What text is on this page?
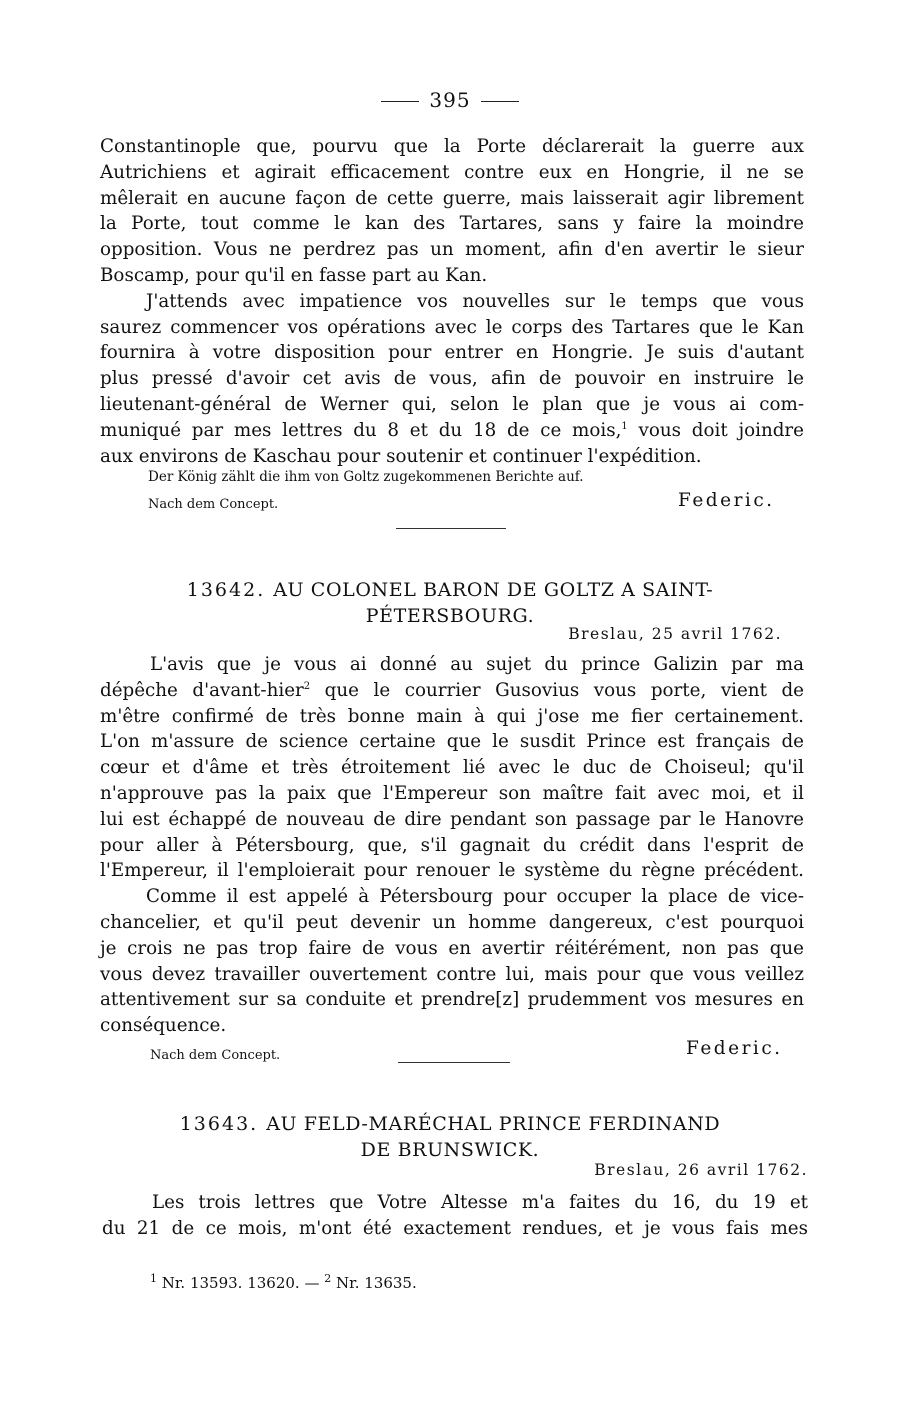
395
Constantinople que, pourvu que la Porte déclarerait la guerre aux
Autrichiens et agirait efficacement contre eux en Hongrie, il ne se
mêlerait en aucune façon de cette guerre, mais laisserait agir librement
la Porte, tout comme le kan des Tartares, sans y faire la moindre
opposition. Vous ne perdrez pas un moment, afin d'en avertir le sieur
Boscamp, pour qu'il en fasse part au Kan.
J'attends avec impatience vos nouvelles sur le temps que vous
saurez commencer vos opérations avec le corps des Tartares que le Kan
fournira à votre disposition pour entrer en Hongrie. Je suis d'autant
plus pressé d'avoir cet avis de vous, afin de pouvoir en instruire le
lieutenant-général de Werner qui, selon le plan que je vous ai com-
muniqué par mes lettres du 8 et du 18 de ce mois,$^1$ vous doit joindre
aux environs de Kaschau pour soutenir et continuer l'expédition.
Der König zählt die ihm von Goltz zugekommenen Berichte auf.
Nach dem Concept.	Federic.
13642. AU COLONEL BARON DE GOLTZ A SAINT-
PÉTERSBOURG.
Breslau, 25 avril 1762.
L'avis que je vous ai donné au sujet du prince Galizin par ma
dépêche d'avant-hier$^2$ que le courrier Gusovius vous porte, vient de
m'être confirmé de très bonne main à qui j'ose me fier certainement.
L'on m'assure de science certaine que le susdit Prince est français de
cœur et d'âme et très étroitement lié avec le duc de Choiseul; qu'il
n'approuve pas la paix que l'Empereur son maître fait avec moi, et il
lui est échappé de nouveau de dire pendant son passage par le Hanovre
pour aller à Pétersbourg, que, s'il gagnait du crédit dans l'esprit de
l'Empereur, il l'emploierait pour renouer le système du règne précédent.
Comme il est appelé à Pétersbourg pour occuper la place de vice-
chancelier, et qu'il peut devenir un homme dangereux, c'est pourquoi
je crois ne pas trop faire de vous en avertir réitérément, non pas que
vous devez travailler ouvertement contre lui, mais pour que vous veillez
attentivement sur sa conduite et prendre[z] prudemment vos mesures en
conséquence.
Nach dem Concept.	Federic.
13643. AU FELD-MARÉCHAL PRINCE FERDINAND
DE BRUNSWICK.
Breslau, 26 avril 1762.
Les trois lettres que Votre Altesse m'a faites du 16, du 19 et
du 21 de ce mois, m'ont été exactement rendues, et je vous fais mes
$^1$ Nr. 13593. 13620. — $^2$ Nr. 13635.
